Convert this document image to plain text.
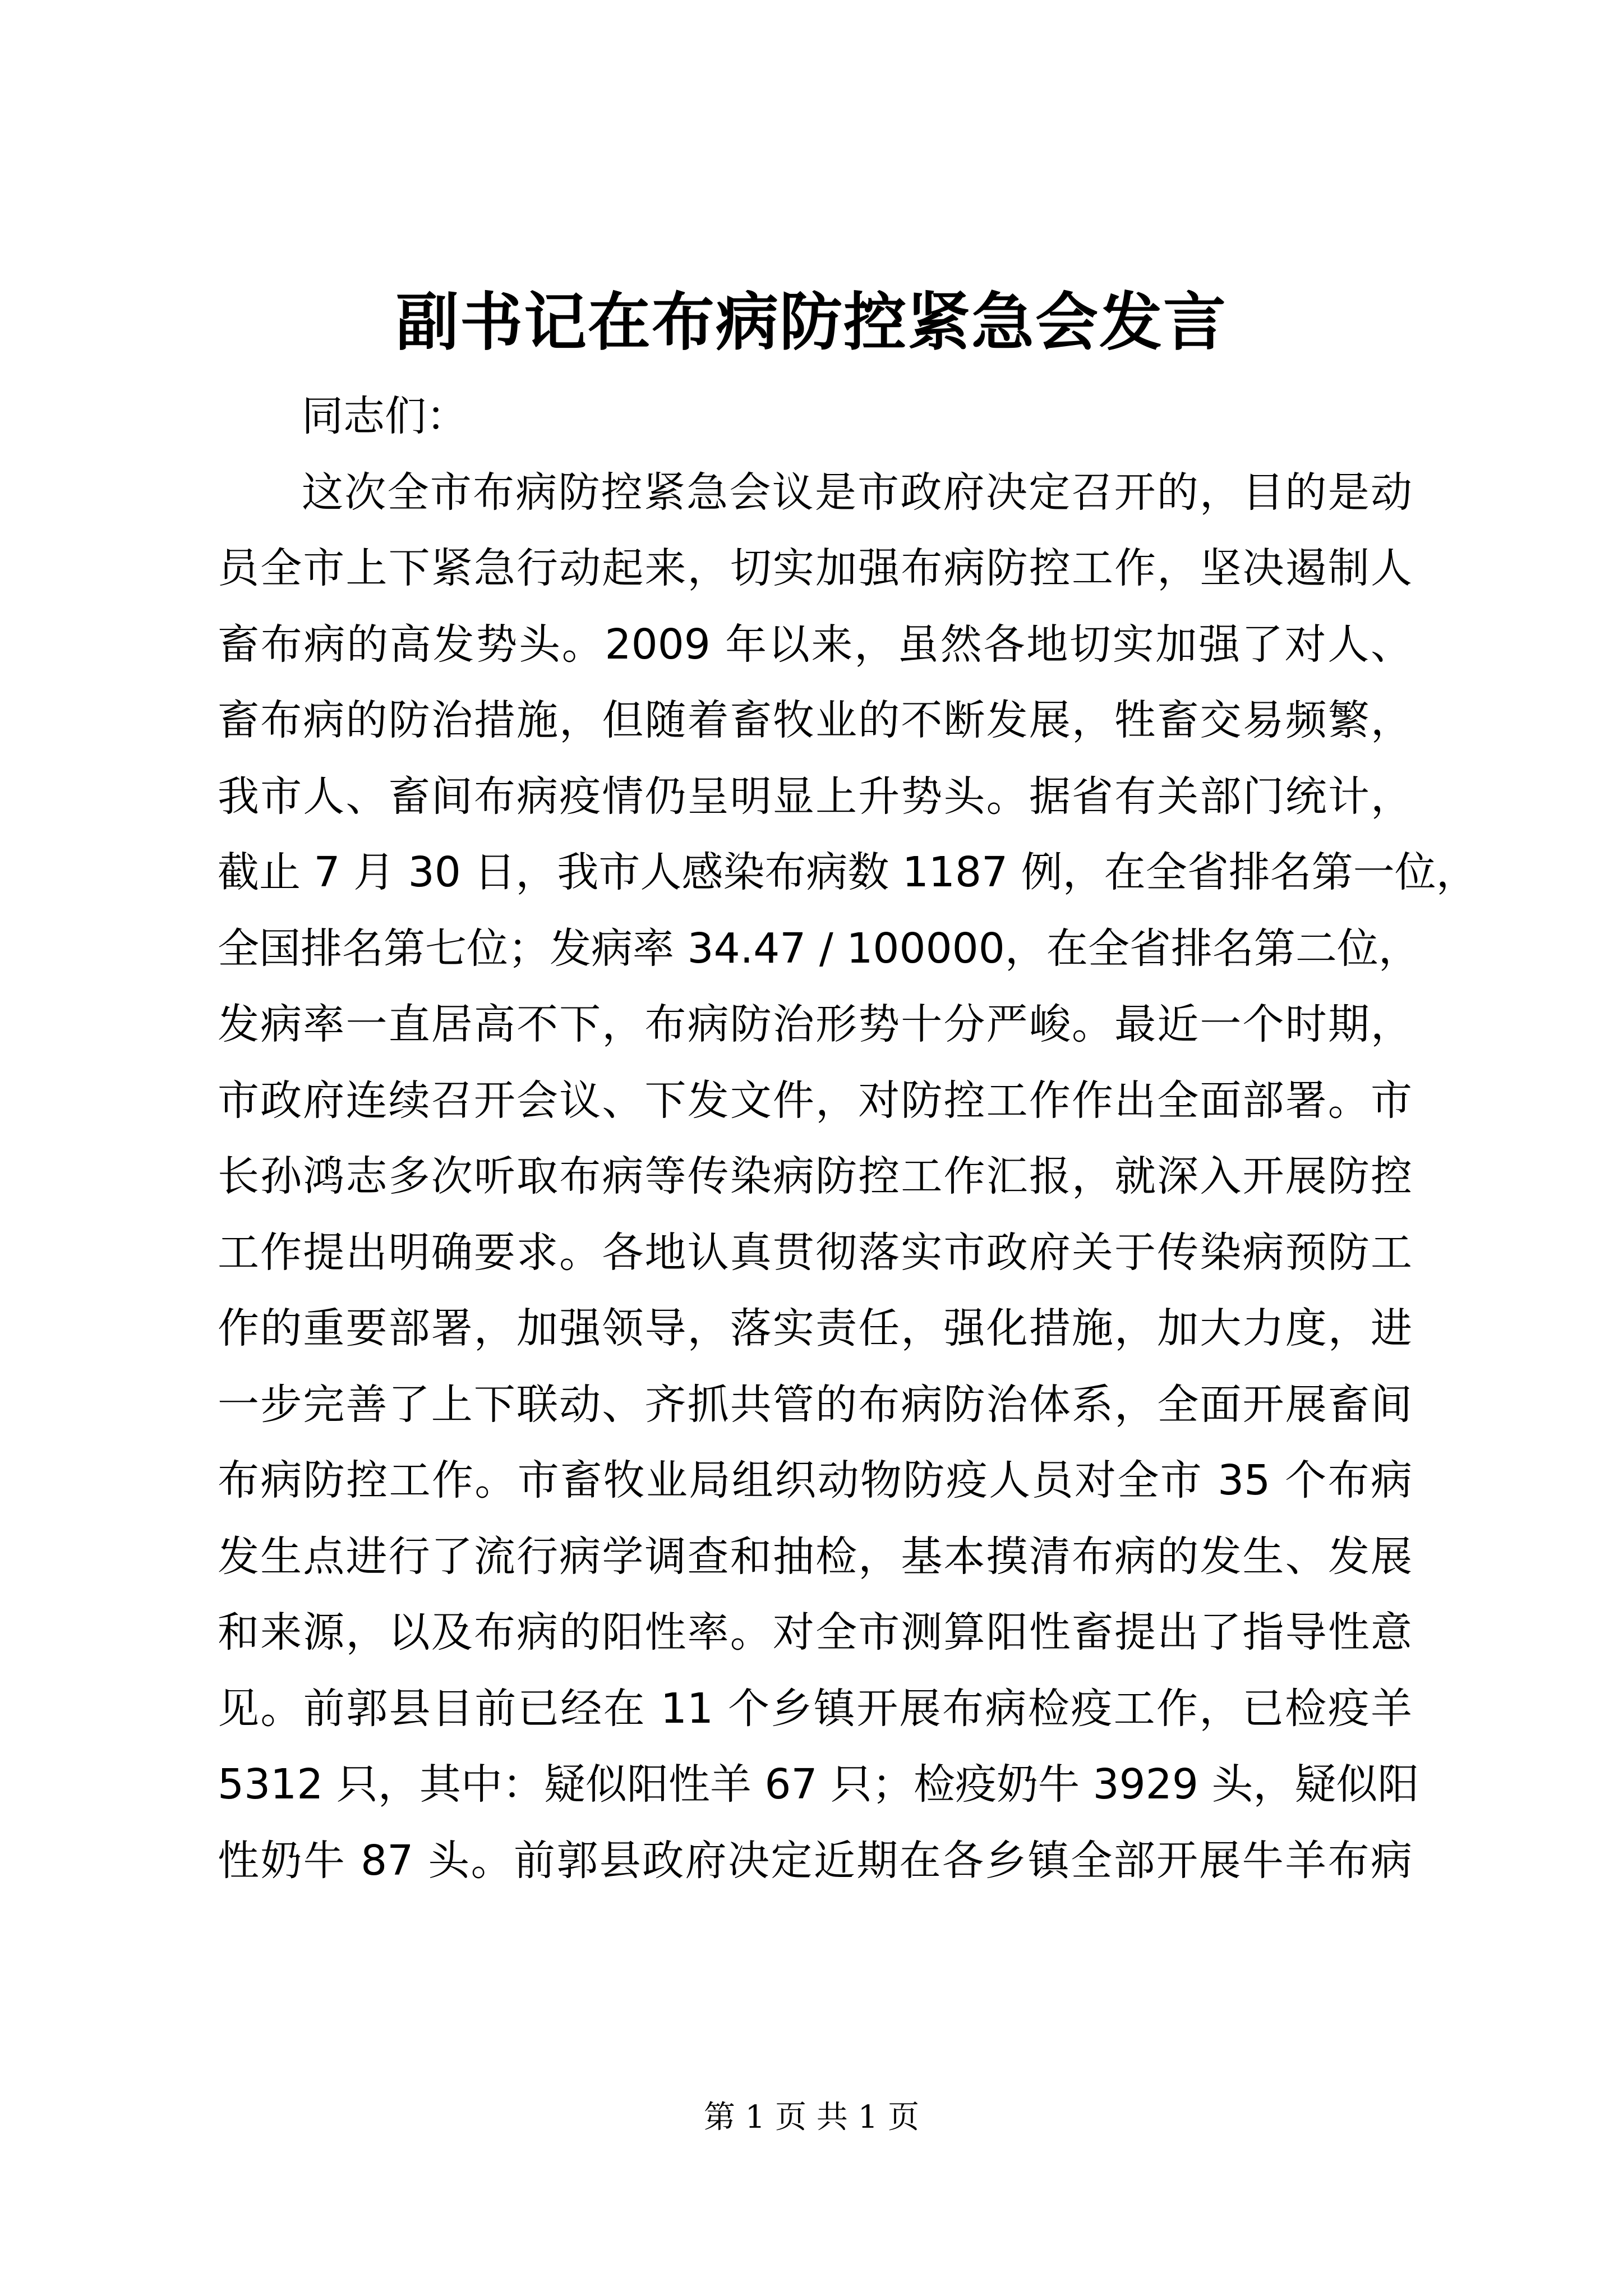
副书记在布病防控紧急会发言

同志们：

这次全市布病防控紧急会议是市政府决定召开的，目的是动
员全市上下紧急行动起来，切实加强布病防控工作，坚决遏制人
畜布病的高发势头。2009 年以来，虽然各地切实加强了对人、
畜布病的防治措施，但随着畜牧业的不断发展，牲畜交易频繁，
我市人、畜间布病疫情仍呈明显上升势头。据省有关部门统计，
截止 7 月 30 日，我市人感染布病数 1187 例，在全省排名第一位，
全国排名第七位；发病率 34.47 / 100000，在全省排名第二位，
发病率一直居高不下，布病防治形势十分严峻。最近一个时期，
市政府连续召开会议、下发文件，对防控工作作出全面部署。市
长孙鸿志多次听取布病等传染病防控工作汇报，就深入开展防控
工作提出明确要求。各地认真贯彻落实市政府关于传染病预防工
作的重要部署，加强领导，落实责任，强化措施，加大力度，进
一步完善了上下联动、齐抓共管的布病防治体系，全面开展畜间
布病防控工作。市畜牧业局组织动物防疫人员对全市 35 个布病
发生点进行了流行病学调查和抽检，基本摸清布病的发生、发展
和来源，以及布病的阳性率。对全市测算阳性畜提出了指导性意
见。前郭县目前已经在 11 个乡镇开展布病检疫工作，已检疫羊
5312 只，其中：疑似阳性羊 67 只；检疫奶牛 3929 头，疑似阳
性奶牛 87 头。前郭县政府决定近期在各乡镇全部开展牛羊布病
第 1 页 共 1 页
